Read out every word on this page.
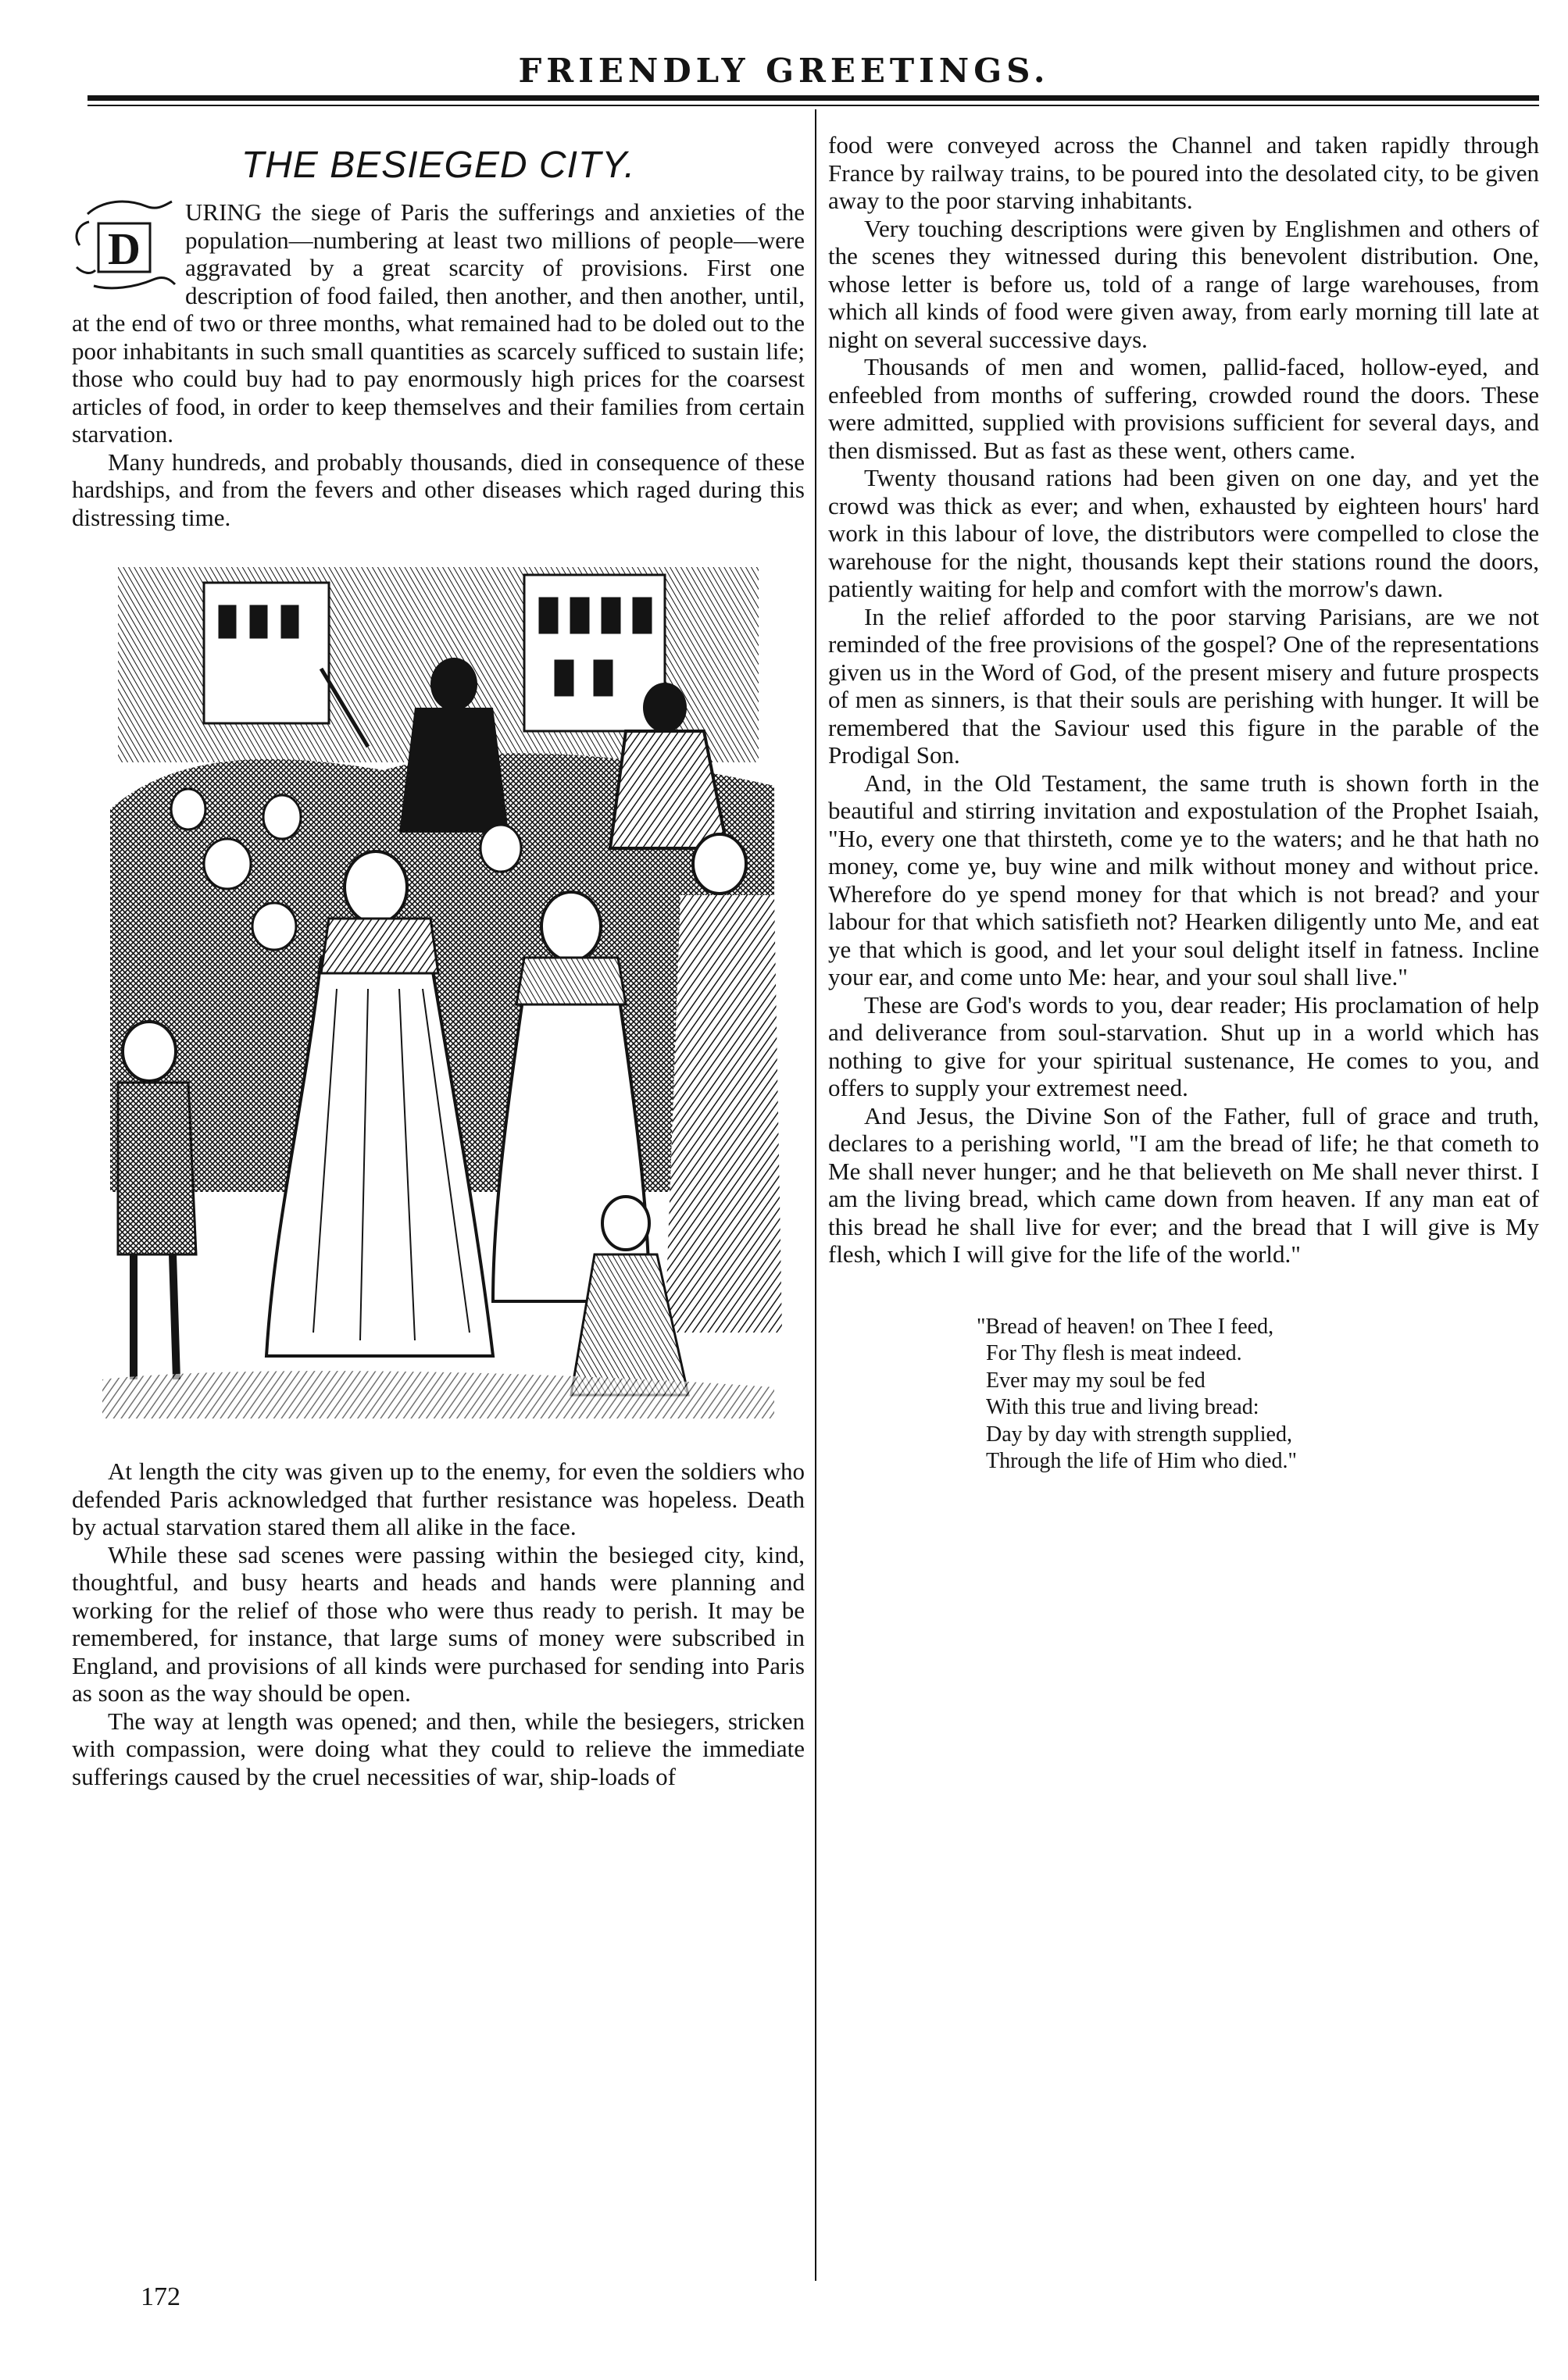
FRIENDLY GREETINGS.
THE BESIEGED CITY.
D

URING the siege of Paris the sufferings and anxieties of the population—numbering at least two millions of people—were aggravated by a great scarcity of provisions. First one description of food failed, then another, and then another, until, at the end of two or three months, what remained had to be doled out to the poor inhabitants in such small quantities as scarcely sufficed to sustain life; those who could buy had to pay enormously high prices for the coarsest articles of food, in order to keep themselves and their families from certain starvation.

Many hundreds, and probably thousands, died in consequence of these hardships, and from the fevers and other diseases which raged during this distressing time.

At length the city was given up to the enemy, for even the soldiers who defended Paris acknowledged that further resistance was hopeless. Death by actual starvation stared them all alike in the face.

While these sad scenes were passing within the besieged city, kind, thoughtful, and busy hearts and heads and hands were planning and working for the relief of those who were thus ready to perish. It may be remembered, for instance, that large sums of money were subscribed in England, and provisions of all kinds were purchased for sending into Paris as soon as the way should be open.

The way at length was opened; and then, while the besiegers, stricken with compassion, were doing what they could to relieve the immediate sufferings caused by the cruel necessities of war, ship-loads of

food were conveyed across the Channel and taken rapidly through France by railway trains, to be poured into the desolated city, to be given away to the poor starving inhabitants.

Very touching descriptions were given by Englishmen and others of the scenes they witnessed during this benevolent distribution. One, whose letter is before us, told of a range of large warehouses, from which all kinds of food were given away, from early morning till late at night on several successive days.

Thousands of men and women, pallid-faced, hollow-eyed, and enfeebled from months of suffering, crowded round the doors. These were admitted, supplied with provisions sufficient for several days, and then dismissed. But as fast as these went, others came.

Twenty thousand rations had been given on one day, and yet the crowd was thick as ever; and when, exhausted by eighteen hours' hard work in this labour of love, the distributors were compelled to close the warehouse for the night, thousands kept their stations round the doors, patiently waiting for help and comfort with the morrow's dawn.

In the relief afforded to the poor starving Parisians, are we not reminded of the free provisions of the gospel? One of the representations given us in the Word of God, of the present misery and future prospects of men as sinners, is that their souls are perishing with hunger. It will be remembered that the Saviour used this figure in the parable of the Prodigal Son.

And, in the Old Testament, the same truth is shown forth in the beautiful and stirring invitation and expostulation of the Prophet Isaiah, "Ho, every one that thirsteth, come ye to the waters; and he that hath no money, come ye, buy wine and milk without money and without price. Wherefore do ye spend money for that which is not bread? and your labour for that which satisfieth not? Hearken diligently unto Me, and eat ye that which is good, and let your soul delight itself in fatness. Incline your ear, and come unto Me: hear, and your soul shall live."

These are God's words to you, dear reader; His proclamation of help and deliverance from soul-starvation. Shut up in a world which has nothing to give for your spiritual sustenance, He comes to you, and offers to supply your extremest need.

And Jesus, the Divine Son of the Father, full of grace and truth, declares to a perishing world, "I am the bread of life; he that cometh to Me shall never hunger; and he that believeth on Me shall never thirst. I am the living bread, which came down from heaven. If any man eat of this bread he shall live for ever; and the bread that I will give is My flesh, which I will give for the life of the world."

"Bread of heaven! on Thee I feed,
For Thy flesh is meat indeed.
Ever may my soul be fed
With this true and living bread:
Day by day with strength supplied,
Through the life of Him who died."
172
